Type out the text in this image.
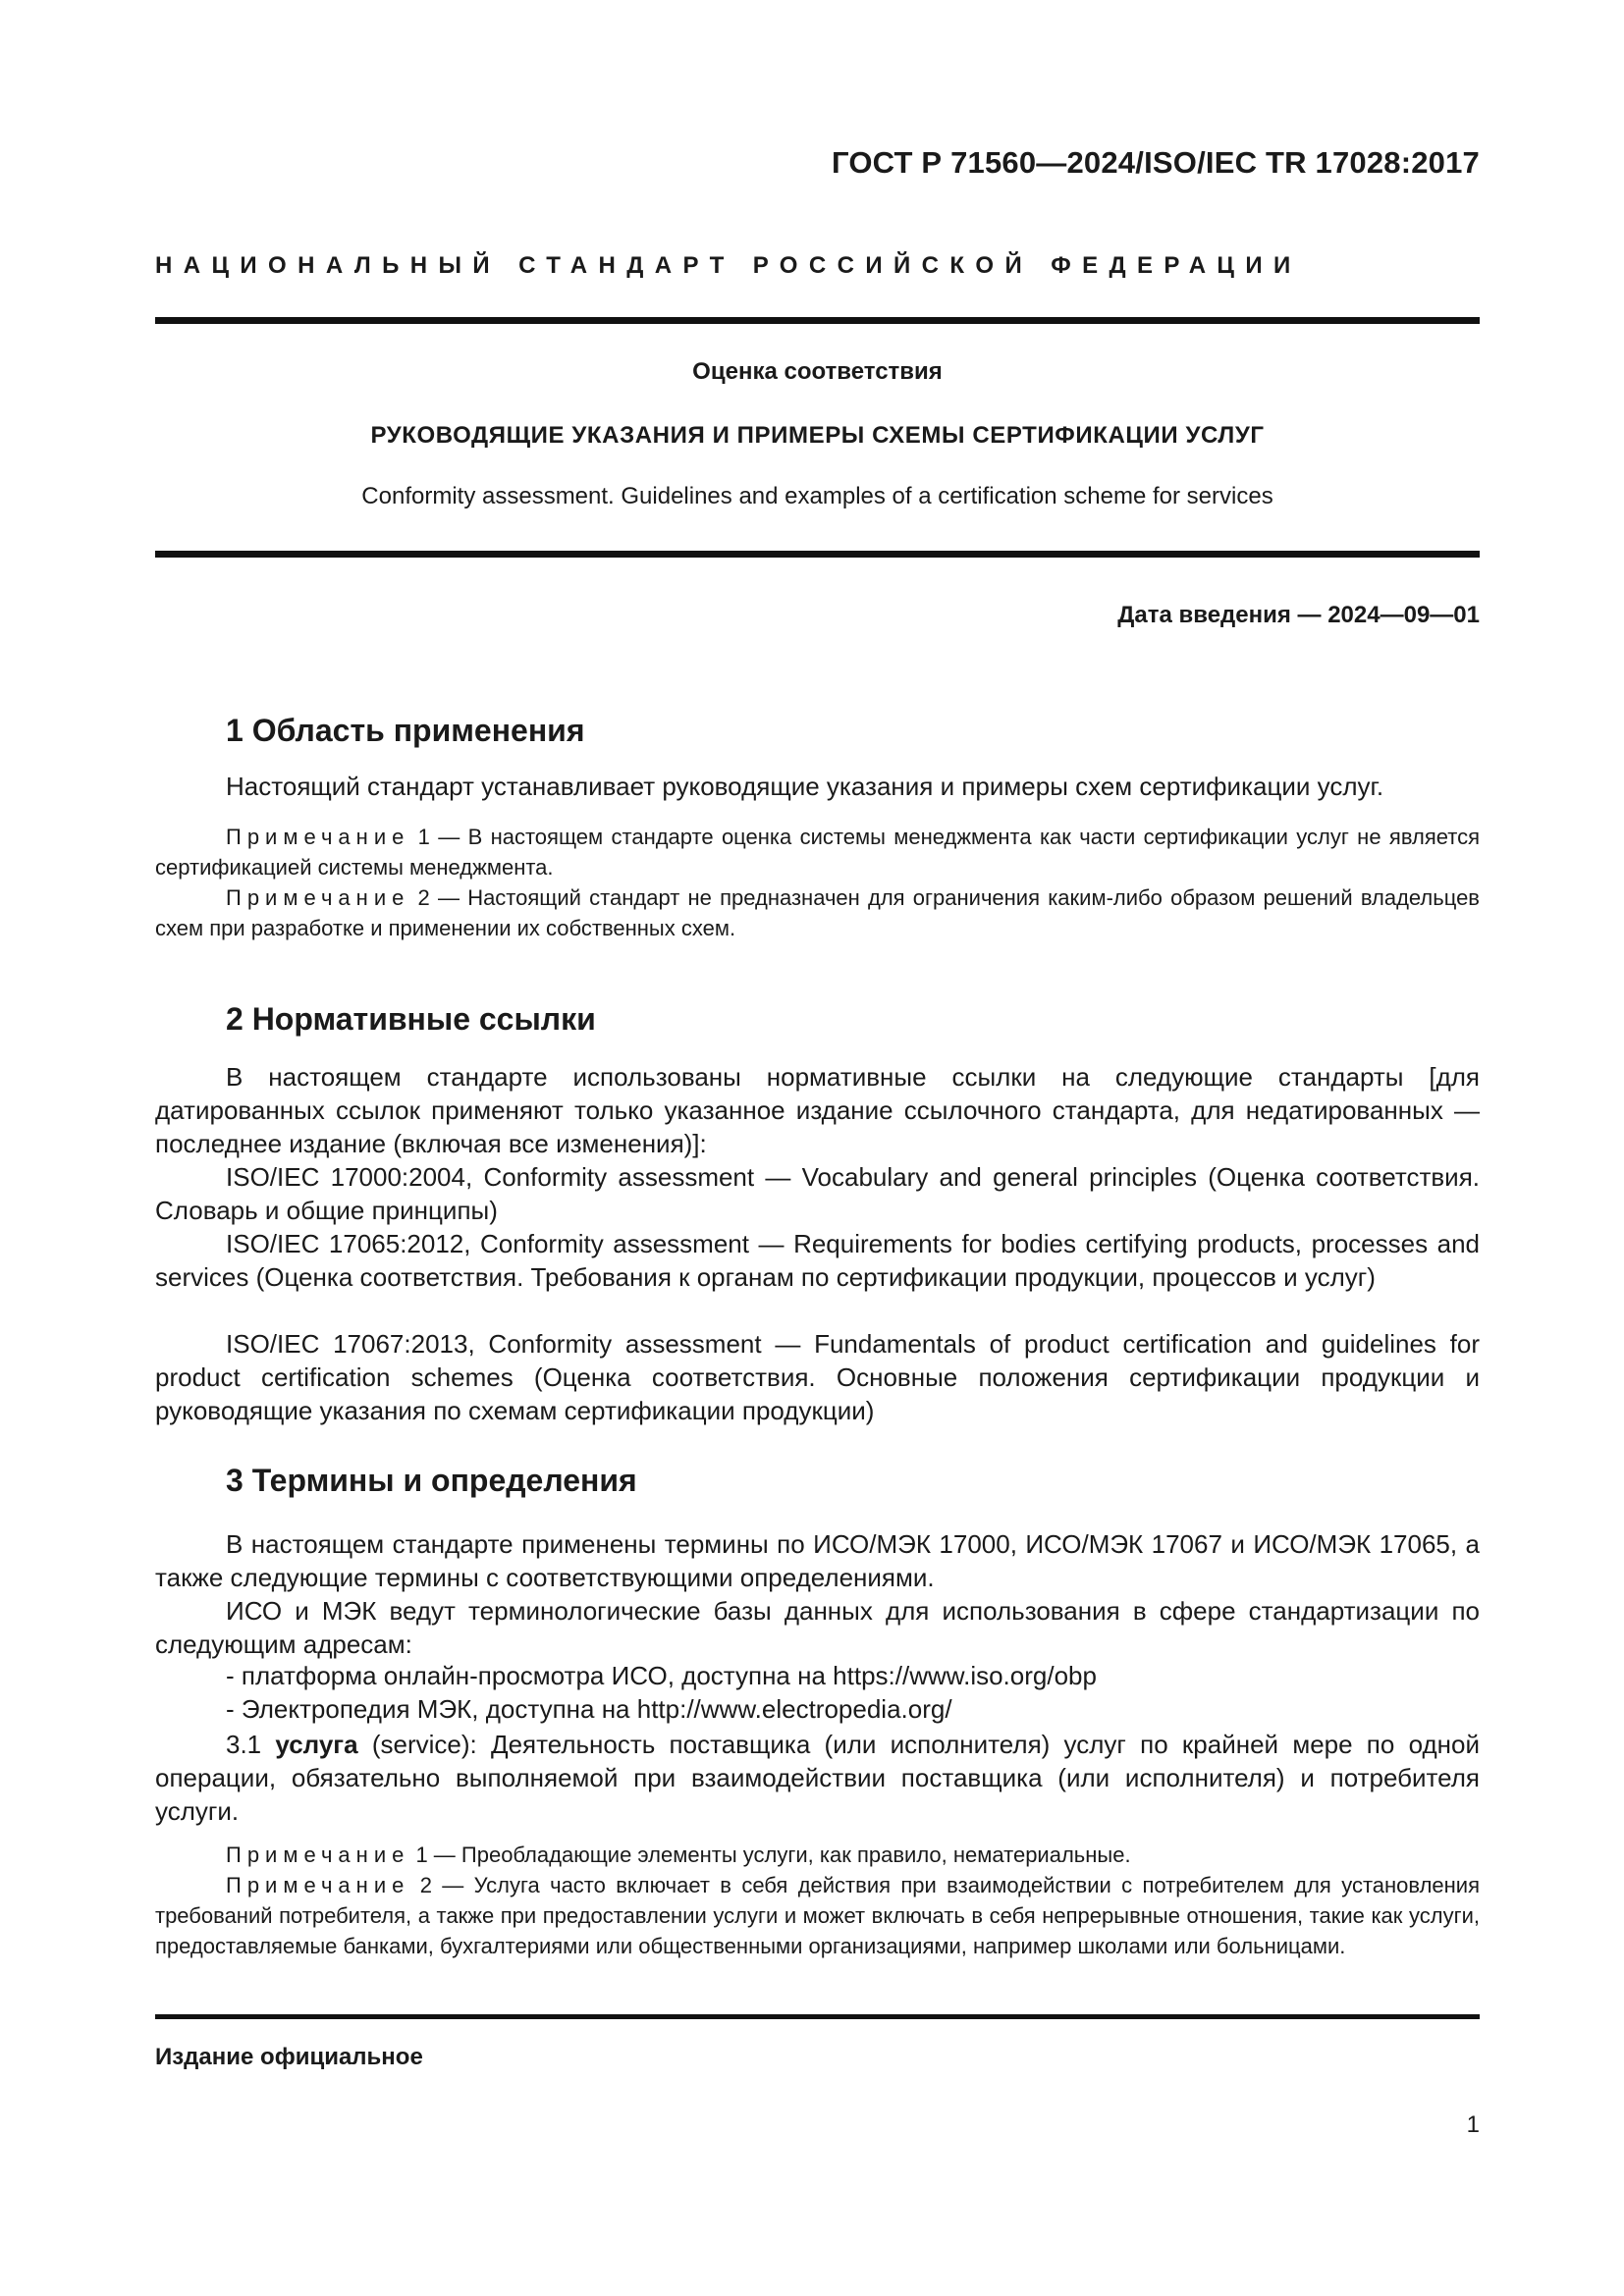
ГОСТ Р 71560—2024/ISO/IEC TR 17028:2017
НАЦИОНАЛЬНЫЙ СТАНДАРТ РОССИЙСКОЙ ФЕДЕРАЦИИ
Оценка соответствия
РУКОВОДЯЩИЕ УКАЗАНИЯ И ПРИМЕРЫ СХЕМЫ СЕРТИФИКАЦИИ УСЛУГ
Conformity assessment. Guidelines and examples of a certification scheme for services
Дата введения — 2024—09—01
1 Область применения
Настоящий стандарт устанавливает руководящие указания и примеры схем сертификации услуг.
Примечание 1 — В настоящем стандарте оценка системы менеджмента как части сертификации услуг не является сертификацией системы менеджмента.
Примечание 2 — Настоящий стандарт не предназначен для ограничения каким-либо образом решений владельцев схем при разработке и применении их собственных схем.
2 Нормативные ссылки
В настоящем стандарте использованы нормативные ссылки на следующие стандарты [для датированных ссылок применяют только указанное издание ссылочного стандарта, для недатированных — последнее издание (включая все изменения)]:
ISO/IEC 17000:2004, Conformity assessment — Vocabulary and general principles (Оценка соответствия. Словарь и общие принципы)
ISO/IEC 17065:2012, Conformity assessment — Requirements for bodies certifying products, processes and services (Оценка соответствия. Требования к органам по сертификации продукции, процессов и услуг)
ISO/IEC 17067:2013, Conformity assessment — Fundamentals of product certification and guidelines for product certification schemes (Оценка соответствия. Основные положения сертификации продукции и руководящие указания по схемам сертификации продукции)
3 Термины и определения
В настоящем стандарте применены термины по ИСО/МЭК 17000, ИСО/МЭК 17067 и ИСО/МЭК 17065, а также следующие термины с соответствующими определениями.
ИСО и МЭК ведут терминологические базы данных для использования в сфере стандартизации по следующим адресам:
- платформа онлайн-просмотра ИСО, доступна на https://www.iso.org/obp
- Электропедия МЭК, доступна на http://www.electropedia.org/
3.1 услуга (service): Деятельность поставщика (или исполнителя) услуг по крайней мере по одной операции, обязательно выполняемой при взаимодействии поставщика (или исполнителя) и потребителя услуги.
Примечание 1 — Преобладающие элементы услуги, как правило, нематериальные.
Примечание 2 — Услуга часто включает в себя действия при взаимодействии с потребителем для установления требований потребителя, а также при предоставлении услуги и может включать в себя непрерывные отношения, такие как услуги, предоставляемые банками, бухгалтериями или общественными организациями, например школами или больницами.
Издание официальное
1
